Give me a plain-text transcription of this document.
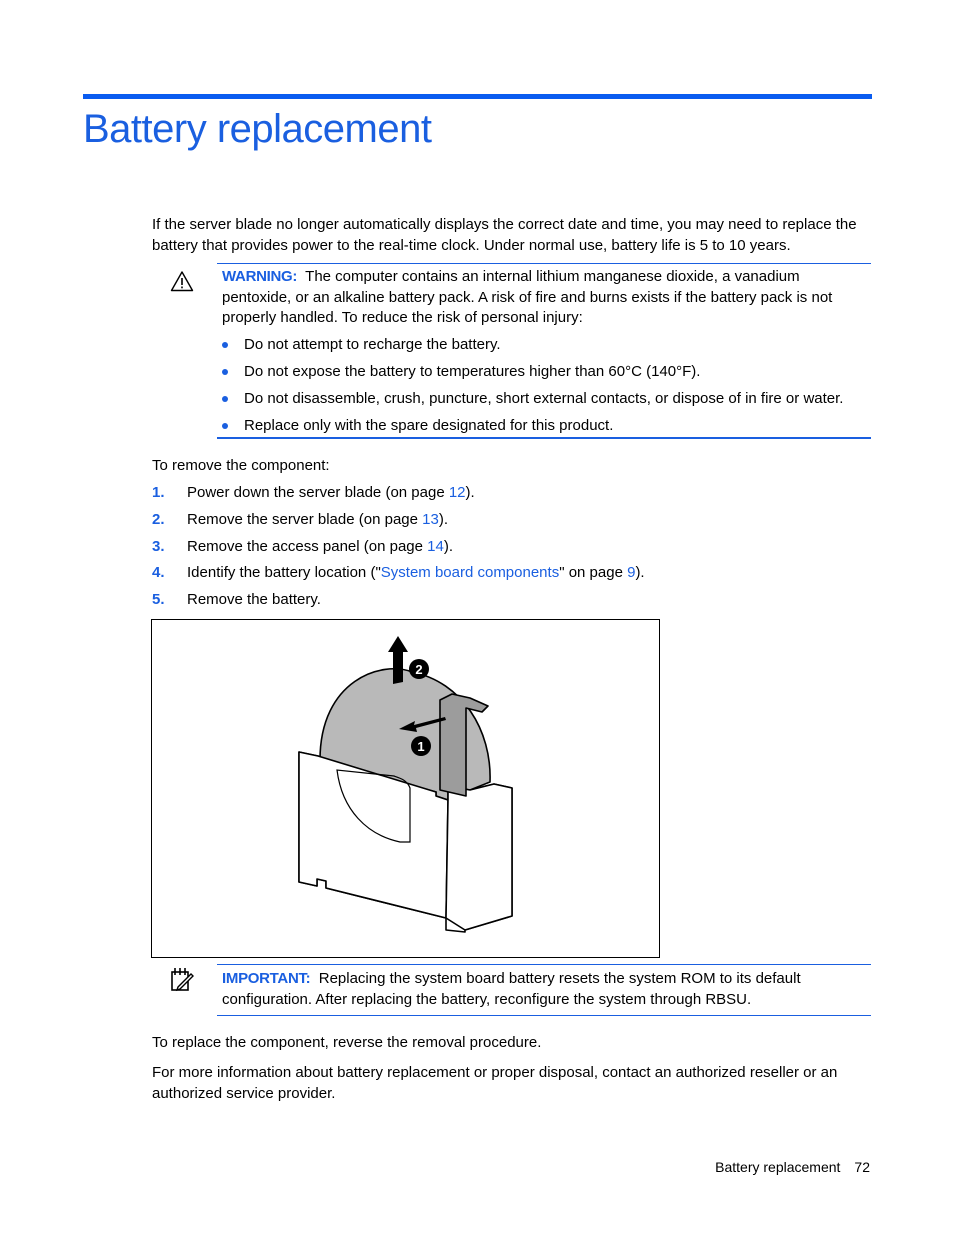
Battery replacement

If the server blade no longer automatically displays the correct date and time, you may need to replace the battery that provides power to the real-time clock. Under normal use, battery life is 5 to 10 years.

WARNING: The computer contains an internal lithium manganese dioxide, a vanadium pentoxide, or an alkaline battery pack. A risk of fire and burns exists if the battery pack is not properly handled. To reduce the risk of personal injury:

Do not attempt to recharge the battery.
Do not expose the battery to temperatures higher than 60°C (140°F).
Do not disassemble, crush, puncture, short external contacts, or dispose of in fire or water.
Replace only with the spare designated for this product.

To remove the component:

1. Power down the server blade (on page 12).
2. Remove the server blade (on page 13).
3. Remove the access panel (on page 14).
4. Identify the battery location ("System board components" on page 9).
5. Remove the battery.
2
1

IMPORTANT: Replacing the system board battery resets the system ROM to its default configuration. After replacing the battery, reconfigure the system through RBSU.

To replace the component, reverse the removal procedure.

For more information about battery replacement or proper disposal, contact an authorized reseller or an authorized service provider.

Battery replacement 72
